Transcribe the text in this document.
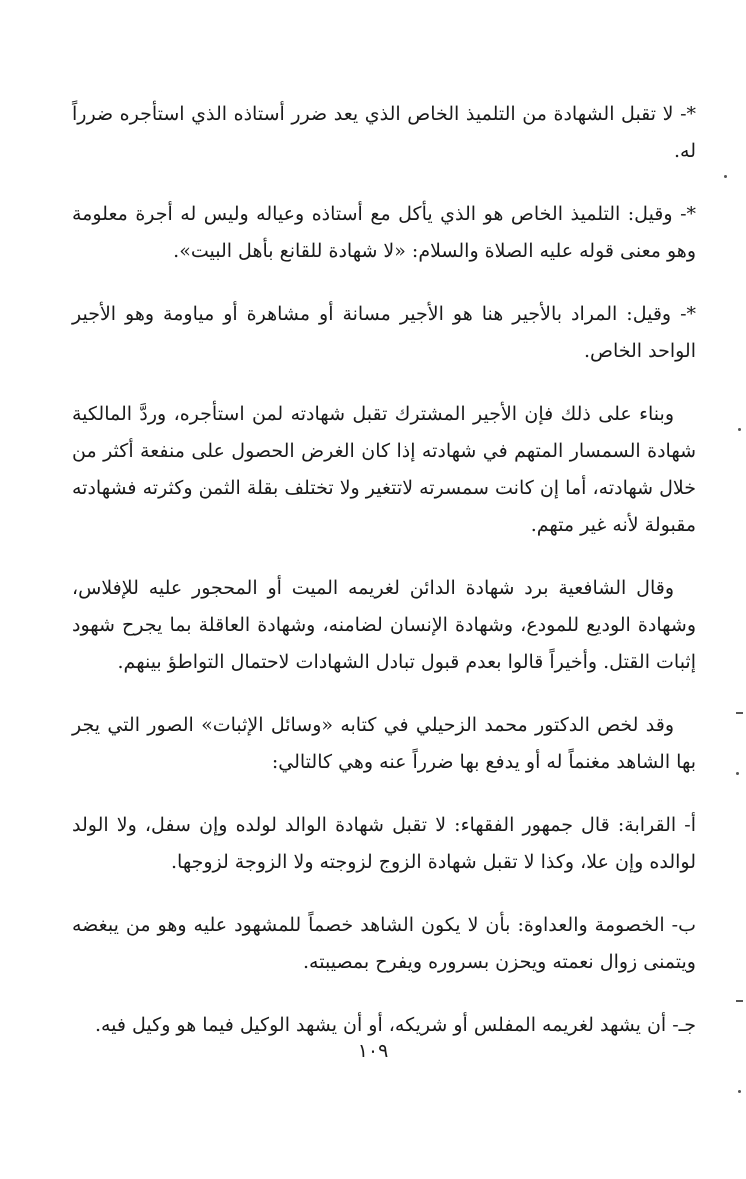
*- لا تقبل الشهادة من التلميذ الخاص الذي يعد ضرر أستاذه الذي استأجره ضرراً له.

*- وقيل: التلميذ الخاص هو الذي يأكل مع أستاذه وعياله وليس له أجرة معلومة وهو معنى قوله عليه الصلاة والسلام: «لا شهادة للقانع بأهل البيت».

*- وقيل: المراد بالأجير هنا هو الأجير مسانة أو مشاهرة أو مياومة وهو الأجير الواحد الخاص.

وبناء على ذلك فإن الأجير المشترك تقبل شهادته لمن استأجره، وردَّ المالكية شهادة السمسار المتهم في شهادته إذا كان الغرض الحصول على منفعة أكثر من خلال شهادته، أما إن كانت سمسرته لاتتغير ولا تختلف بقلة الثمن وكثرته فشهادته مقبولة لأنه غير متهم.

وقال الشافعية برد شهادة الدائن لغريمه الميت أو المحجور عليه للإفلاس، وشهادة الوديع للمودع، وشهادة الإنسان لضامنه، وشهادة العاقلة بما يجرح شهود إثبات القتل. وأخيراً قالوا بعدم قبول تبادل الشهادات لاحتمال التواطؤ بينهم.

وقد لخص الدكتور محمد الزحيلي في كتابه «وسائل الإثبات» الصور التي يجر بها الشاهد مغنماً له أو يدفع بها ضرراً عنه وهي كالتالي:

أ- القرابة: قال جمهور الفقهاء: لا تقبل شهادة الوالد لولده وإن سفل، ولا الولد لوالده وإن علا، وكذا لا تقبل شهادة الزوج لزوجته ولا الزوجة لزوجها.

ب- الخصومة والعداوة: بأن لا يكون الشاهد خصماً للمشهود عليه وهو من يبغضه ويتمنى زوال نعمته ويحزن بسروره ويفرح بمصيبته.

جـ- أن يشهد لغريمه المفلس أو شريكه، أو أن يشهد الوكيل فيما هو وكيل فيه.

١٠٩
